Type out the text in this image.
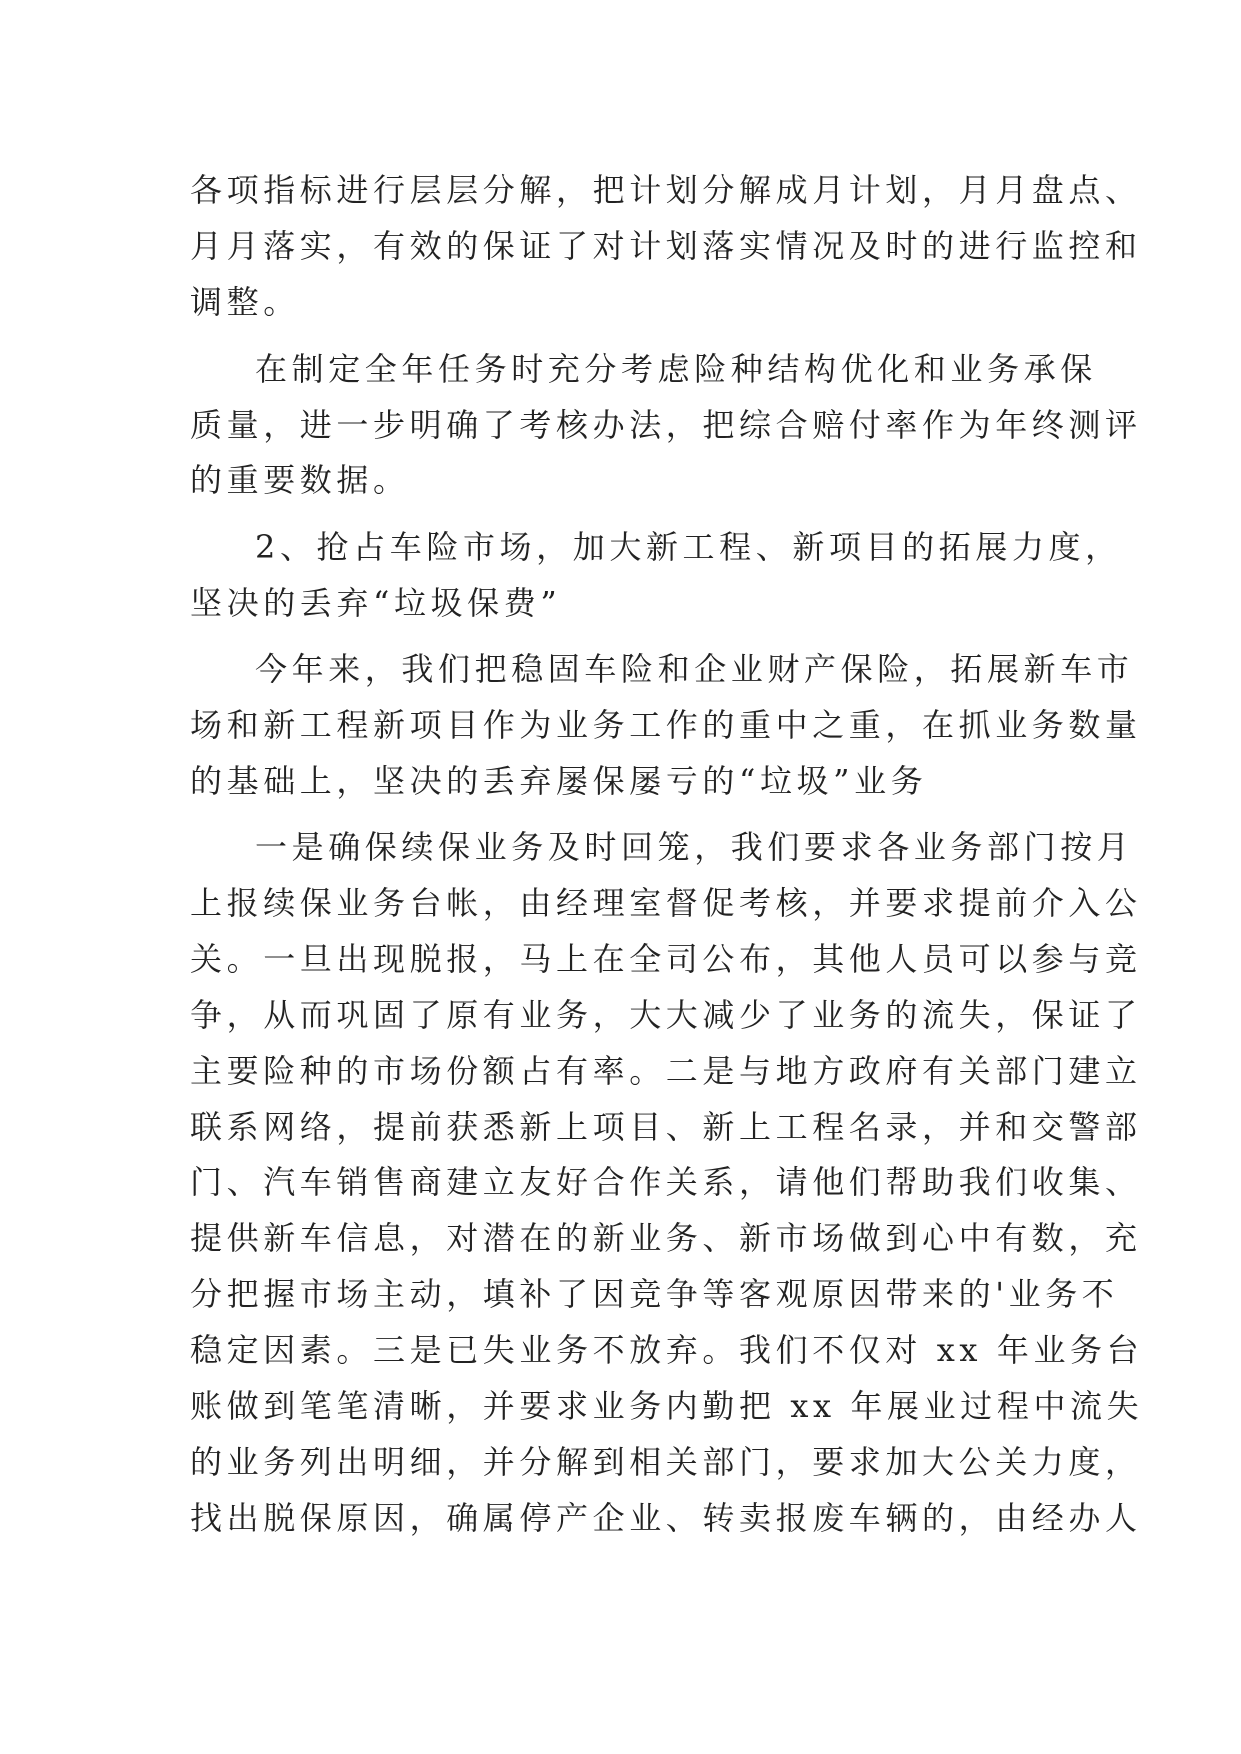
各项指标进行层层分解，把计划分解成月计划，月月盘点、
月月落实，有效的保证了对计划落实情况及时的进行监控和
调整。
在制定全年任务时充分考虑险种结构优化和业务承保
质量，进一步明确了考核办法，把综合赔付率作为年终测评
的重要数据。
2、抢占车险市场，加大新工程、新项目的拓展力度，
坚决的丢弃“垃圾保费”
今年来，我们把稳固车险和企业财产保险，拓展新车市
场和新工程新项目作为业务工作的重中之重，在抓业务数量
的基础上，坚决的丢弃屡保屡亏的“垃圾”业务
一是确保续保业务及时回笼，我们要求各业务部门按月
上报续保业务台帐，由经理室督促考核，并要求提前介入公
关。一旦出现脱报，马上在全司公布，其他人员可以参与竞
争，从而巩固了原有业务，大大减少了业务的流失，保证了
主要险种的市场份额占有率。二是与地方政府有关部门建立
联系网络，提前获悉新上项目、新上工程名录，并和交警部
门、汽车销售商建立友好合作关系，请他们帮助我们收集、
提供新车信息，对潜在的新业务、新市场做到心中有数，充
分把握市场主动，填补了因竞争等客观原因带来的'业务不
稳定因素。三是已失业务不放弃。我们不仅对 xx 年业务台
账做到笔笔清晰，并要求业务内勤把 xx 年展业过程中流失
的业务列出明细，并分解到相关部门，要求加大公关力度，
找出脱保原因，确属停产企业、转卖报废车辆的，由经办人
